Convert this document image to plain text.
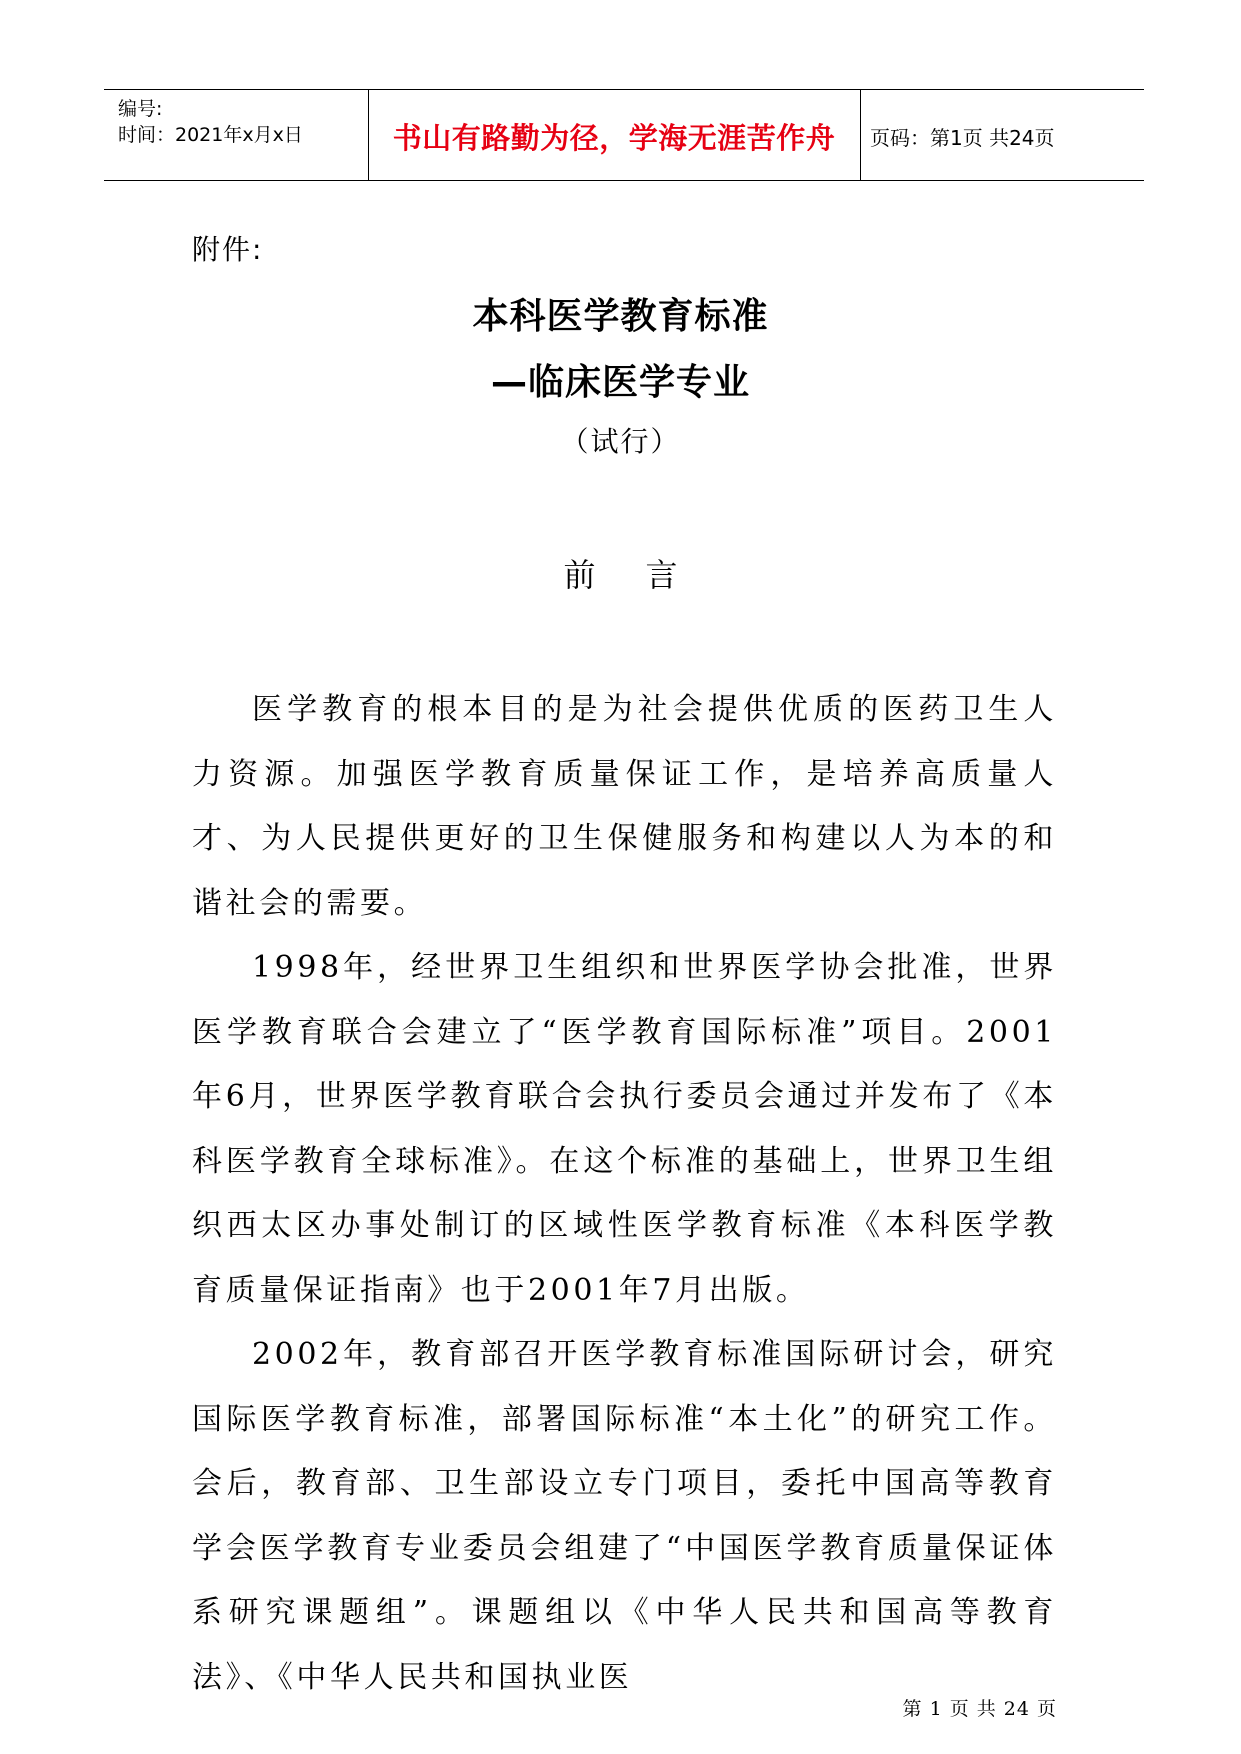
编号:
时间：2021年x月x日	书山有路勤为径，学海无涯苦作舟	页码：第1页 共24页
附件:
本科医学教育标准
—临床医学专业
（试行）
前言

医学教育的根本目的是为社会提供优质的医药卫生人力资源。加强医学教育质量保证工作，是培养高质量人才、为人民提供更好的卫生保健服务和构建以人为本的和谐社会的需要。

1998年，经世界卫生组织和世界医学协会批准，世界医学教育联合会建立了“医学教育国际标准”项目。2001年6月，世界医学教育联合会执行委员会通过并发布了《本科医学教育全球标准》。在这个标准的基础上，世界卫生组织西太区办事处制订的区域性医学教育标准《本科医学教育质量保证指南》也于2001年7月出版。

2002年，教育部召开医学教育标准国际研讨会，研究国际医学教育标准，部署国际标准“本土化”的研究工作。会后，教育部、卫生部设立专门项目，委托中国高等教育学会医学教育专业委员会组建了“中国医学教育质量保证体系研究课题组”。课题组以《中华人民共和国高等教育法》、《中华人民共和国执业医

第 1 页 共 24 页
